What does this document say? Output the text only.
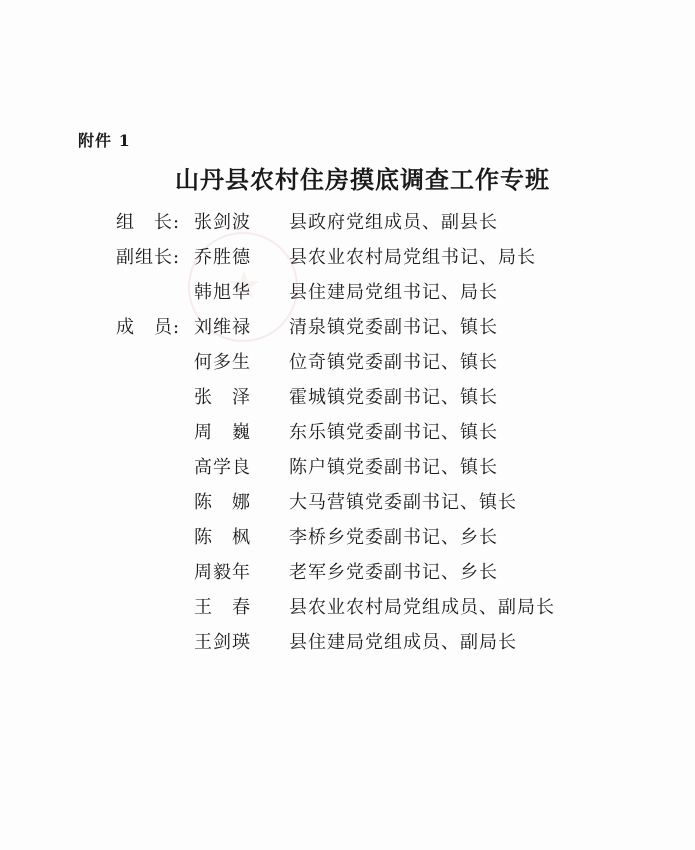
附件 1
山丹县农村住房摸底调查工作专班
组　长: 张剑波	县政府党组成员、副县长
副组长: 乔胜德	县农业农村局党组书记、局长
韩旭华	县住建局党组书记、局长
成　员: 刘维禄	清泉镇党委副书记、镇长
何多生	位奇镇党委副书记、镇长
张　泽	霍城镇党委副书记、镇长
周　巍	东乐镇党委副书记、镇长
高学良	陈户镇党委副书记、镇长
陈　娜	大马营镇党委副书记、镇长
陈　枫	李桥乡党委副书记、乡长
周毅年	老军乡党委副书记、乡长
王　春	县农业农村局党组成员、副局长
王剑瑛	县住建局党组成员、副局长
